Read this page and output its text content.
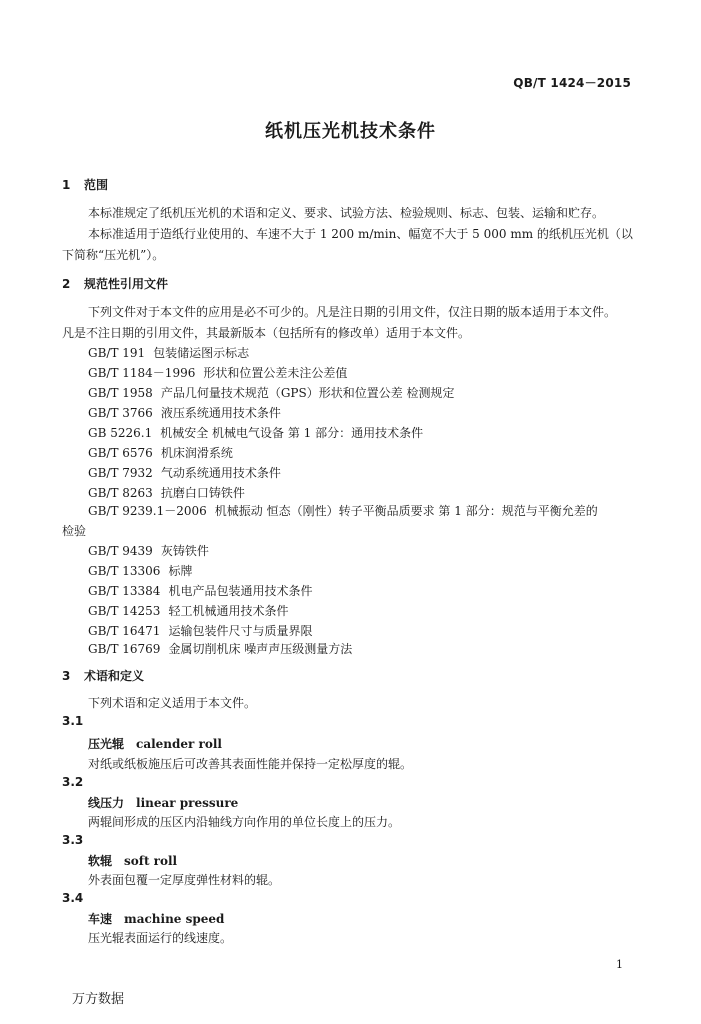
QB/T 1424－2015
纸机压光机技术条件
1 范围
本标准规定了纸机压光机的术语和定义、要求、试验方法、检验规则、标志、包装、运输和贮存。
本标准适用于造纸行业使用的、车速不大于 1 200 m/min、幅宽不大于 5 000 mm 的纸机压光机（以
下简称“压光机”）。
2 规范性引用文件
下列文件对于本文件的应用是必不可少的。凡是注日期的引用文件，仅注日期的版本适用于本文件。
凡是不注日期的引用文件，其最新版本（包括所有的修改单）适用于本文件。
GB/T 191 包装储运图示标志
GB/T 1184－1996 形状和位置公差未注公差值
GB/T 1958 产品几何量技术规范（GPS）形状和位置公差 检测规定
GB/T 3766 液压系统通用技术条件
GB 5226.1 机械安全 机械电气设备 第 1 部分：通用技术条件
GB/T 6576 机床润滑系统
GB/T 7932 气动系统通用技术条件
GB/T 8263 抗磨白口铸铁件
GB/T 9239.1－2006 机械振动 恒态（刚性）转子平衡品质要求 第 1 部分：规范与平衡允差的
检验
GB/T 9439 灰铸铁件
GB/T 13306 标牌
GB/T 13384 机电产品包装通用技术条件
GB/T 14253 轻工机械通用技术条件
GB/T 16471 运输包装件尺寸与质量界限
GB/T 16769 金属切削机床 噪声声压级测量方法
3 术语和定义
下列术语和定义适用于本文件。
3.1
压光辊 calender roll
对纸或纸板施压后可改善其表面性能并保持一定松厚度的辊。
3.2
线压力 linear pressure
两辊间形成的压区内沿轴线方向作用的单位长度上的压力。
3.3
软辊 soft roll
外表面包覆一定厚度弹性材料的辊。
3.4
车速 machine speed
压光辊表面运行的线速度。
1
万方数据
